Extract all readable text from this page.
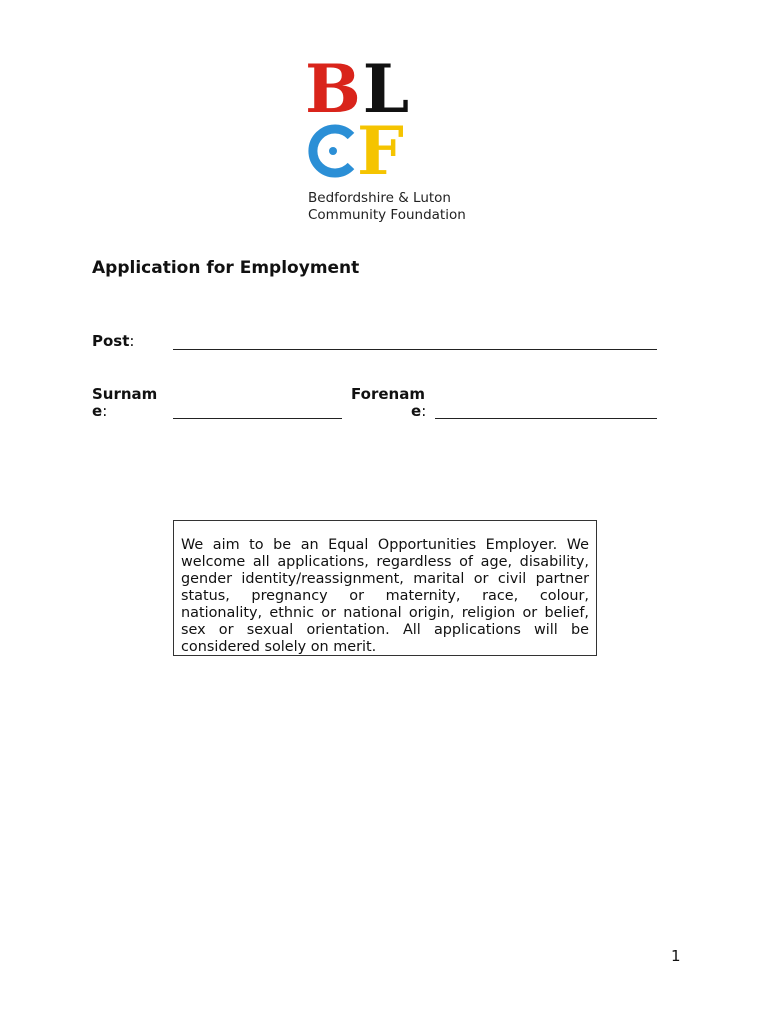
B L
F
Bedfordshire & Luton
Community Foundation
Application for Employment
Post:
Surnam
e:
Forenam
e:
We aim to be an Equal Opportunities Employer. We welcome all applications, regardless of age, disability, gender identity/reassignment, marital or civil partner status, pregnancy or maternity, race, colour, nationality, ethnic or national origin, religion or belief, sex or sexual orientation. All applications will be considered solely on merit.
1
